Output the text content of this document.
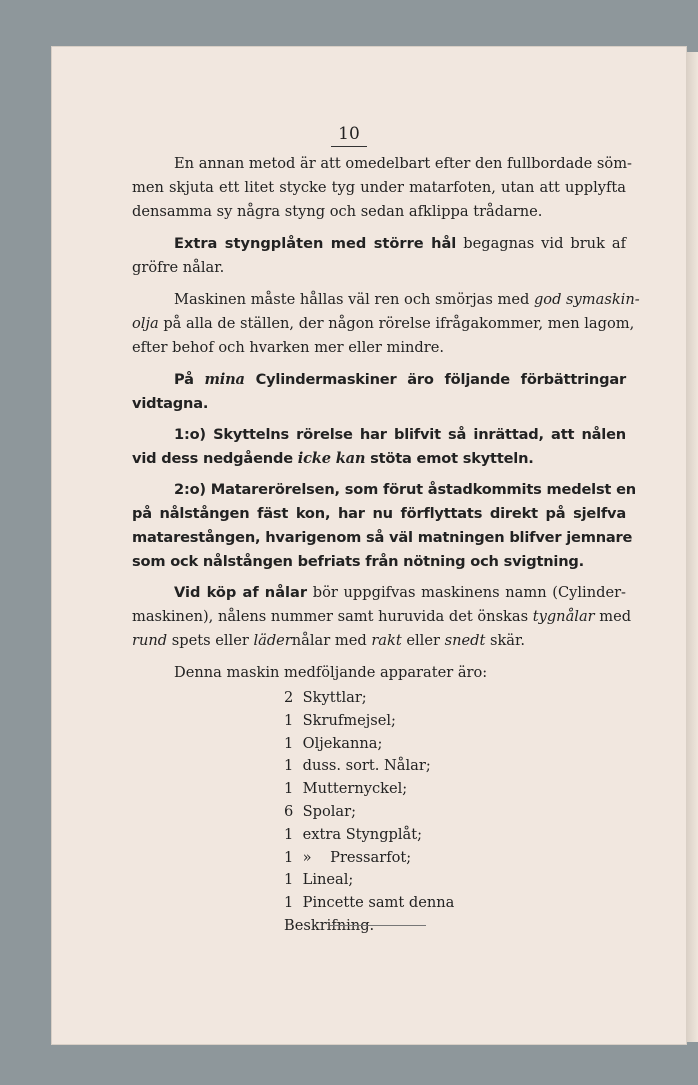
10

En annan metod är att omedelbart efter den fullbordade söm-
men skjuta ett litet stycke tyg under matarfoten, utan att upplyfta
densamma sy några styng och sedan afklippa trådarne.

Extra styngplåten med större hål begagnas vid bruk af
gröfre nålar.

Maskinen måste hållas väl ren och smörjas med god symaskin-
olja på alla de ställen, der någon rörelse ifrågakommer, men lagom,
efter behof och hvarken mer eller mindre.

På mina Cylindermaskiner äro följande förbättringar
vidtagna.

1:o) Skyttelns rörelse har blifvit så inrättad, att nålen
vid dess nedgående icke kan stöta emot skytteln.

2:o) Matarerörelsen, som förut åstadkommits medelst en
på nålstången fäst kon, har nu förflyttats direkt på sjelfva
matarestången, hvarigenom så väl matningen blifver jemnare
som ock nålstången befriats från nötning och svigtning.

Vid köp af nålar bör uppgifvas maskinens namn (Cylinder-
maskinen), nålens nummer samt huruvida det önskas tygnålar med
rund spets eller lädernålar med rakt eller snedt skär.

Denna maskin medföljande apparater äro:

2 Skyttlar;
1 Skrufmejsel;
1 Oljekanna;
1 duss. sort. Nålar;
1 Mutternyckel;
6 Spolar;
1 extra Styngplåt;
1 »    Pressarfot;
1 Lineal;
1 Pincette samt denna
Beskrifning.
